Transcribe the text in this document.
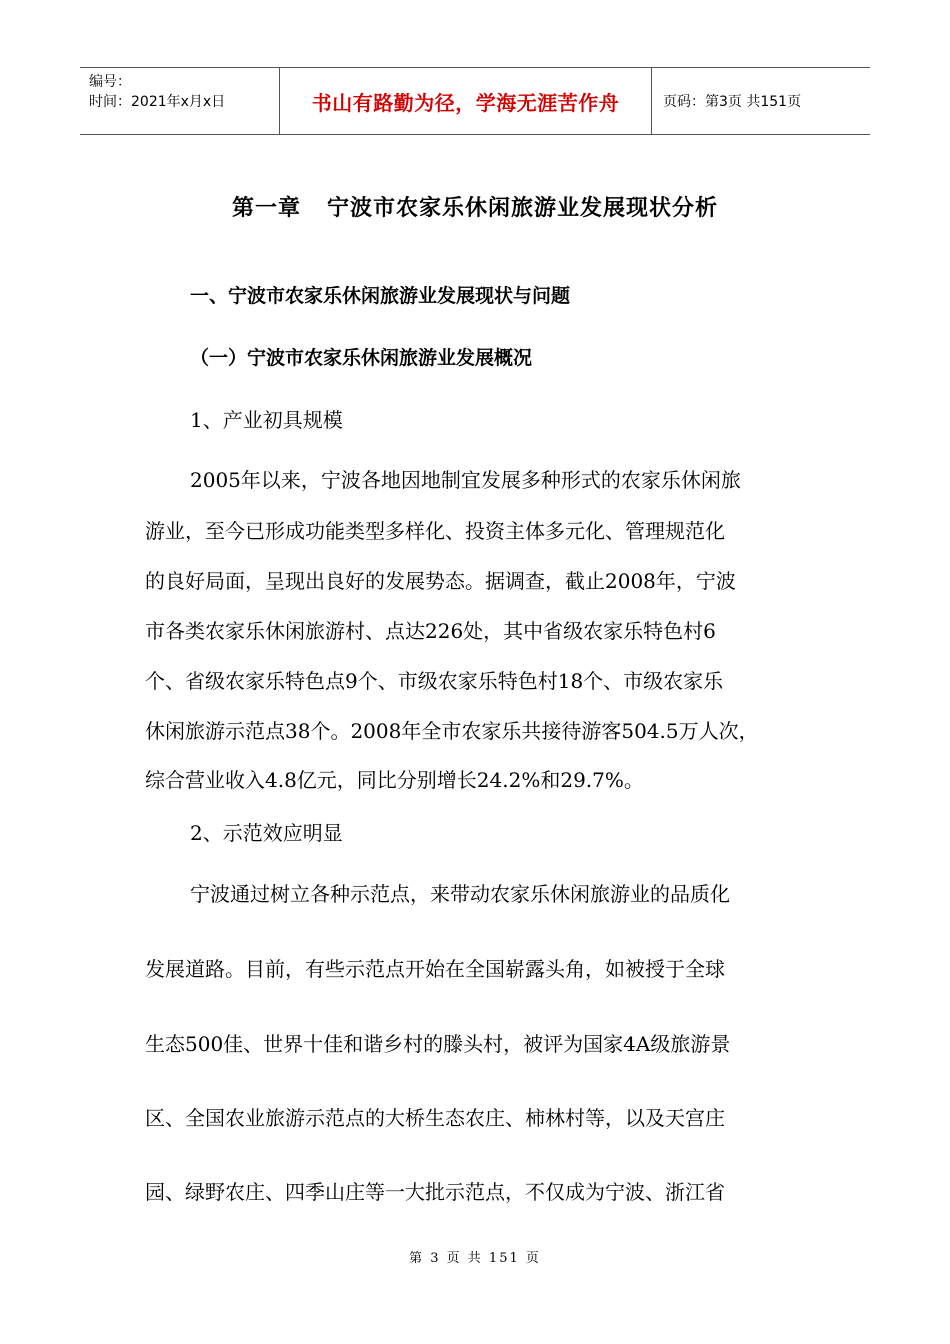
编号：
时间：2021年x月x日	书山有路勤为径，学海无涯苦作舟	页码：第3页 共151页
第一章 宁波市农家乐休闲旅游业发展现状分析
一、宁波市农家乐休闲旅游业发展现状与问题
（一）宁波市农家乐休闲旅游业发展概况
1、产业初具规模
2005年以来，宁波各地因地制宜发展多种形式的农家乐休闲旅
游业，至今已形成功能类型多样化、投资主体多元化、管理规范化
的良好局面，呈现出良好的发展势态。据调查，截止2008年，宁波
市各类农家乐休闲旅游村、点达226处，其中省级农家乐特色村6
个、省级农家乐特色点9个、市级农家乐特色村18个、市级农家乐
休闲旅游示范点38个。2008年全市农家乐共接待游客504.5万人次，
综合营业收入4.8亿元，同比分别增长24.2%和29.7%。
2、示范效应明显
宁波通过树立各种示范点，来带动农家乐休闲旅游业的品质化
发展道路。目前，有些示范点开始在全国崭露头角，如被授于全球
生态500佳、世界十佳和谐乡村的滕头村，被评为国家4A级旅游景
区、全国农业旅游示范点的大桥生态农庄、柿林村等，以及天宫庄
园、绿野农庄、四季山庄等一大批示范点，不仅成为宁波、浙江省
第 3 页 共 151 页
